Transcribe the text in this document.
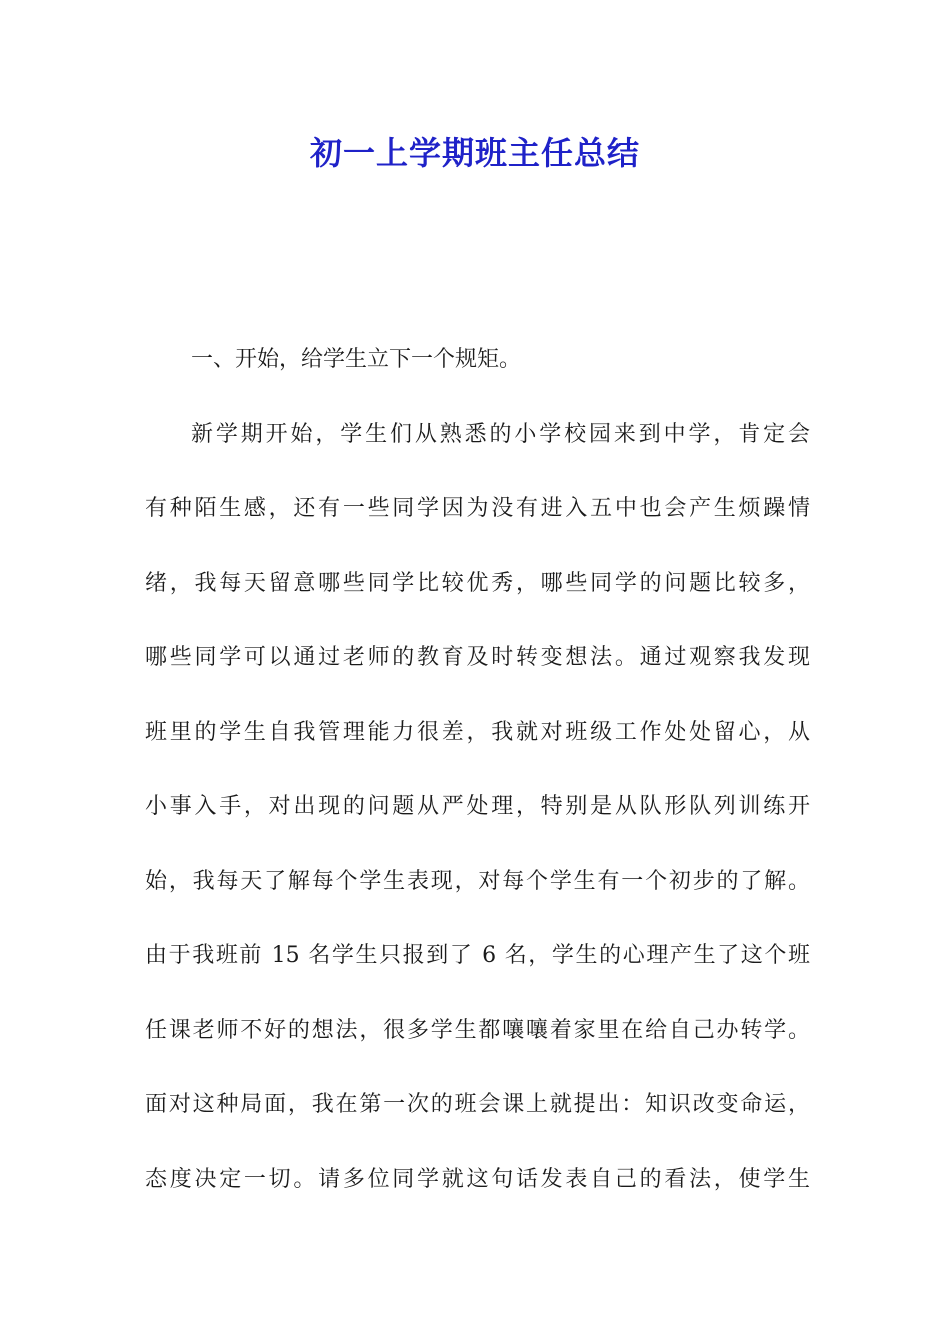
初一上学期班主任总结
一、开始，给学生立下一个规矩。
新学期开始，学生们从熟悉的小学校园来到中学，肯定会
有种陌生感，还有一些同学因为没有进入五中也会产生烦躁情
绪，我每天留意哪些同学比较优秀，哪些同学的问题比较多，
哪些同学可以通过老师的教育及时转变想法。通过观察我发现
班里的学生自我管理能力很差，我就对班级工作处处留心，从
小事入手，对出现的问题从严处理，特别是从队形队列训练开
始，我每天了解每个学生表现，对每个学生有一个初步的了解。
由于我班前 15 名学生只报到了 6 名，学生的心理产生了这个班
任课老师不好的想法，很多学生都嚷嚷着家里在给自己办转学。
面对这种局面，我在第一次的班会课上就提出：知识改变命运，
态度决定一切。请多位同学就这句话发表自己的看法，使学生
